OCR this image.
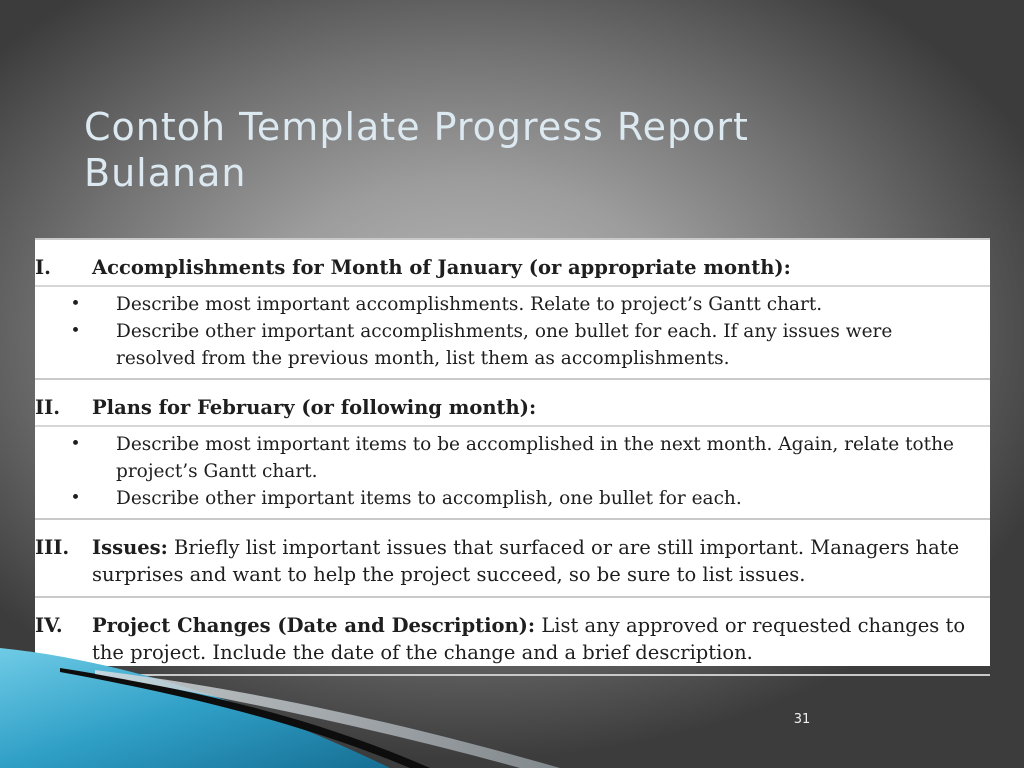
Contoh Template Progress Report
Bulanan
I.	Accomplishments for Month of January (or appropriate month):
•	Describe most important accomplishments. Relate to project’s Gantt chart.
•	Describe other important accomplishments, one bullet for each. If any issues were resolved from the previous month, list them as accomplishments.
II.	Plans for February (or following month):
•	Describe most important items to be accomplished in the next month. Again, relate tothe project’s Gantt chart.
•	Describe other important items to accomplish, one bullet for each.
III.	Issues: Briefly list important issues that surfaced or are still important. Managers hate surprises and want to help the project succeed, so be sure to list issues.
IV.	Project Changes (Date and Description): List any approved or requested changes to the project. Include the date of the change and a brief description.
31
